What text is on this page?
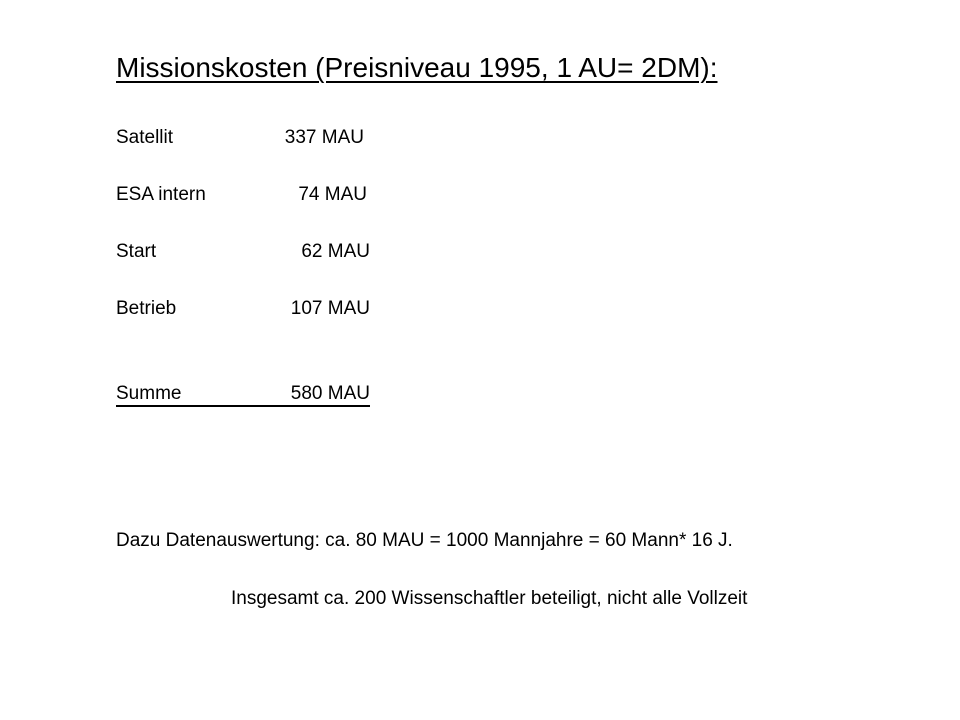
Missionskosten (Preisniveau 1995, 1 AU= 2DM):
Satellit	337 MAU
ESA intern	74 MAU
Start	62 MAU
Betrieb	107 MAU
Summe	580 MAU
Dazu Datenauswertung: ca. 80 MAU = 1000 Mannjahre = 60 Mann* 16 J.
Insgesamt ca. 200 Wissenschaftler beteiligt, nicht alle Vollzeit
